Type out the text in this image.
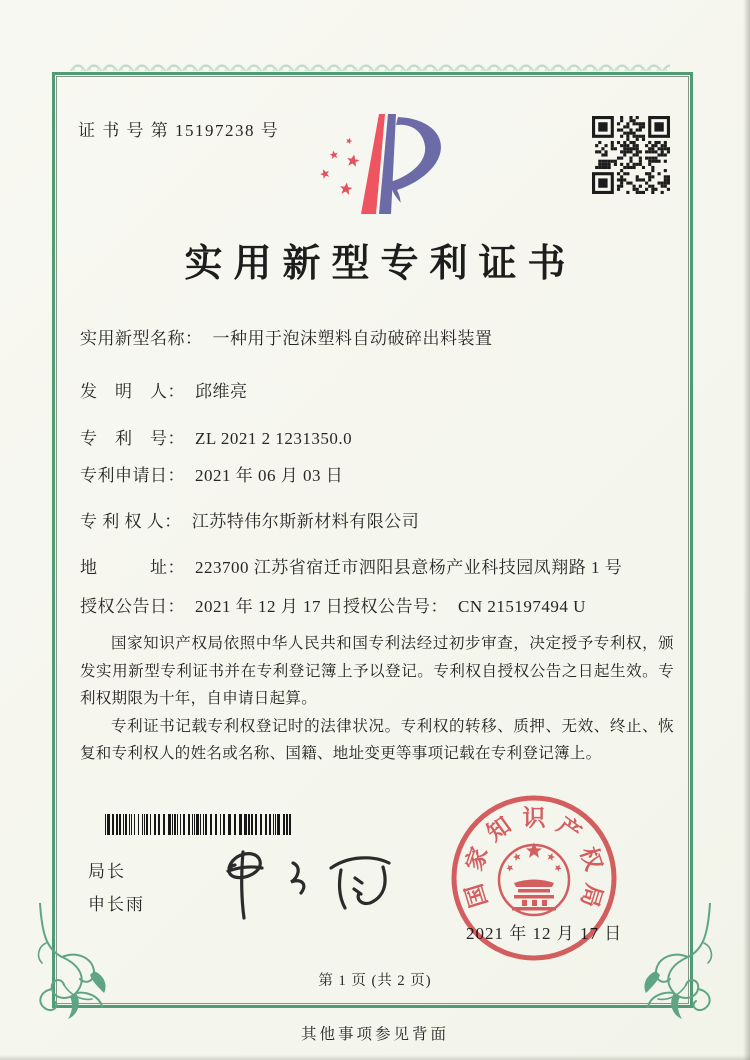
证 书 号 第 15197238 号
实用新型专利证书
实用新型名称： 一种用于泡沫塑料自动破碎出料装置
发　明　人： 邱维亮
专　利　号： ZL 2021 2 1231350.0
专利申请日： 2021 年 06 月 03 日
专 利 权 人： 江苏特伟尔斯新材料有限公司
地　　　址： 223700 江苏省宿迁市泗阳县意杨产业科技园凤翔路 1 号
授权公告日： 2021 年 12 月 17 日 授权公告号： CN 215197494 U

国家知识产权局依照中华人民共和国专利法经过初步审查，决定授予专利权，颁发实用新型专利证书并在专利登记簿上予以登记。专利权自授权公告之日起生效。专利权期限为十年，自申请日起算。

专利证书记载专利权登记时的法律状况。专利权的转移、质押、无效、终止、恢复和专利权人的姓名或名称、国籍、地址变更等事项记载在专利登记簿上。

局长
申长雨
2021 年 12 月 17 日
国
家
知 识 产
权
局
第 1 页 (共 2 页)
其他事项参见背面
